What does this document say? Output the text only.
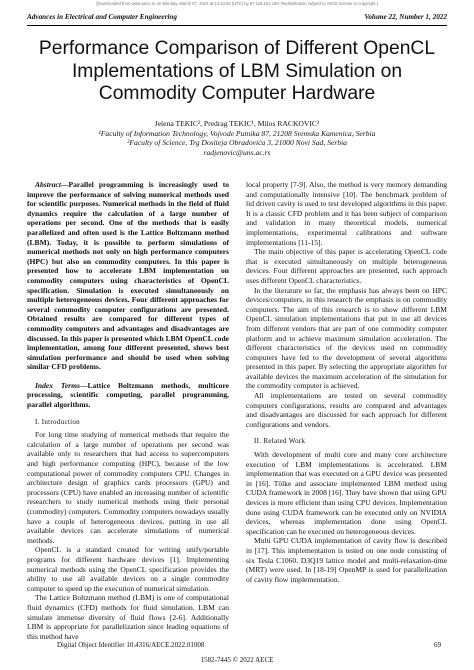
[Downloaded from www.aece.ro on Monday, March 07, 2022 at 14:13:40 (UTC) by 87.116.162.199. Redistribution subject to AECE license or copyright.]
Advances in Electrical and Computer Engineering	Volume 22, Number 1, 2022
Performance Comparison of Different OpenCL
Implementations of LBM Simulation on
Commodity Computer Hardware
Jelena TEKIC², Predrag TEKIC¹, Milos RACKOVIC²
¹Faculty of Information Technology, Vojvode Putnika 87, 21208 Sremska Kamenica, Serbia
²Faculty of Science, Trg Dositeja Obradovića 3, 21000 Novi Sad, Serbia
radjenovic@uns.ac.rs

Abstract—Parallel programming is increasingly used to improve the performance of solving numerical methods used for scientific purposes. Numerical methods in the field of fluid dynamics require the calculation of a large number of operations per second. One of the methods that is easily parallelized and often used is the Lattice Boltzmann method (LBM). Today, it is possible to perform simulations of numerical methods not only on high performance computers (HPC) but also on commodity computers. In this paper is presented how to accelerate LBM implementation on commodity computers using characteristics of OpenCL specification. Simulation is executed simultaneously on multiple heterogeneous devices. Four different approaches for several commodity computer configurations are presented. Obtained results are compared for different types of commodity computers and advantages and disadvantages are discussed. In this paper is presented which LBM OpenCL code implementation, among four different presented, shows best simulation performance and should be used when solving similar CFD problems.

Index Terms—Lattice Boltzmann methods, multicore processing, scientific computing, parallel programming, parallel algorithms.

I. Introduction

For long time studying of numerical methods that require the calculation of a large number of operations per second was available only to researchers that had access to supercomputers and high performance computing (HPC), because of the low computational power of commodity computers CPU. Changes in architecture design of graphics cards processors (GPU) and processors (CPU) have enabled an increasing number of scientific researchers to study numerical methods using their personal (commodity) computers. Commodity computers nowadays usually have a couple of heterogeneous devices, putting in use all available devices can accelerate simulations of numerical methods.

OpenCL is a standard created for writing unify/portable programs for different hardware devices [1]. Implementing numerical methods using the OpenCL specification provides the ability to use all available devices on a single commodity computer to speed up the execution of numerical simulation.

The Lattice Boltzmann method (LBM) is one of computational fluid dynamics (CFD) methods for fluid simulation. LBM can simulate immense diversity of fluid flows [2-6]. Additionally LBM is appropriate for parallelization since leading equations of this method have

local property [7-9]. Also, the method is very memory demanding and computationally intensive [10]. The benchmark problem of lid driven cavity is used to test developed algorithms in this paper. It is a classic CFD problem and it has been subject of comparison and validation in many theoretical models, numerical implementations, experimental calibrations and software implementations [11-15].

The main objective of this paper is accelerating OpenCL code that is executed simultaneously on multiple heterogeneous devices. Four different approaches are presented, each approach uses different OpenCL characteristics.

In the literature so far, the emphasis has always been on HPC devices/computers, in this research the emphasis is on commodity computers. The aim of this research is to show different LBM OpenCL simulation implementations that put in use all devices from different vendors that are part of one commodity computer platform and to achieve maximum simulation acceleration. The different characteristics of the devices used on commodity computers have led to the development of several algorithms presented in this paper. By selecting the appropriate algorithm for available devices the maximum acceleration of the simulation for the commodity computer is achieved.

All implementations are tested on several commodity computers configurations, results are compared and advantages and disadvantages are discussed for each approach for different configurations and vendors.

II. Related Work

With development of multi core and many core architecture execution of LBM implementations is accelerated. LBM implementation that was executed on a GPU device was presented in [16]. Tölke and associate implemented LBM method using CUDA framework in 2008 [16]. They have shown that using GPU devices is more efficient than using CPU devices. Implementation done using CUDA framework can be executed only on NVIDIA devices, whereas implementation done using OpenCL specification can be executed on heterogeneous devices.

Multi GPU CUDA implementation of cavity flow is described in [17]. This implementation is tested on one node consisting of six Tesla C1060. D3Q19 lattice model and multi-relaxation-time (MRT) were used. In [18-19] OpenMP is used for parallelization of cavity flow implementation.

Digital Object Identifier 10.4316/AECE.2022.01008	69
1582-7445 © 2022 AECE
